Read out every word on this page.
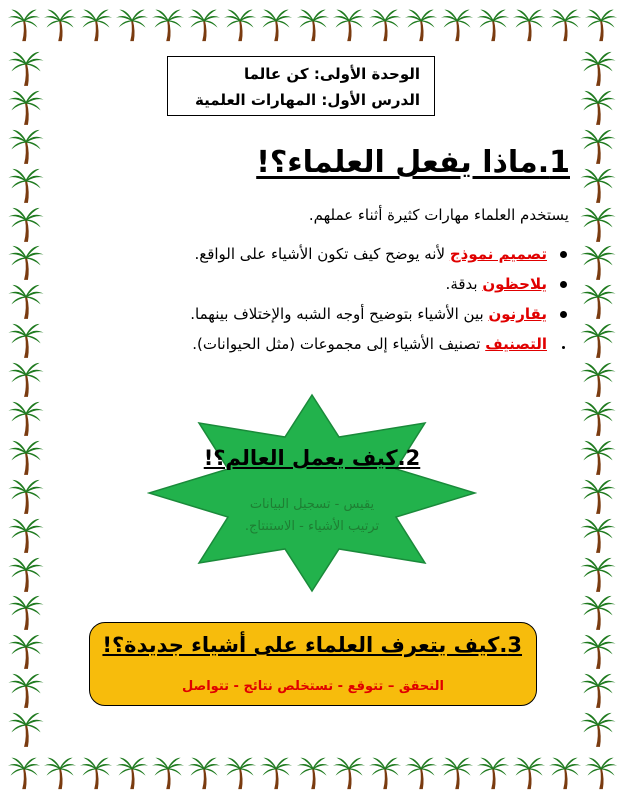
الوحدة الأولى: كن عالما
الدرس الأول: المهارات العلمية
1.ماذا يفعل العلماء؟!
يستخدم العلماء مهارات كثيرة أثناء عملهم.
تصميم نموذج لأنه يوضح كيف تكون الأشياء على الواقع.
يلاحظون بدقة.
يقارنون بين الأشياء بتوضيح أوجه الشبه والإختلاف بينهما.
التصنيف تصنيف الأشياء إلى مجموعات (مثل الحيوانات).
2.كيف يعمل العالم؟!
يقيس - تسجيل البيانات
ترتيب الأشياء - الاستنتاج.
3.كيف يتعرف العلماء على أشياء جديدة؟!
التحقق – تتوقع - تستخلص نتائج - تتواصل
